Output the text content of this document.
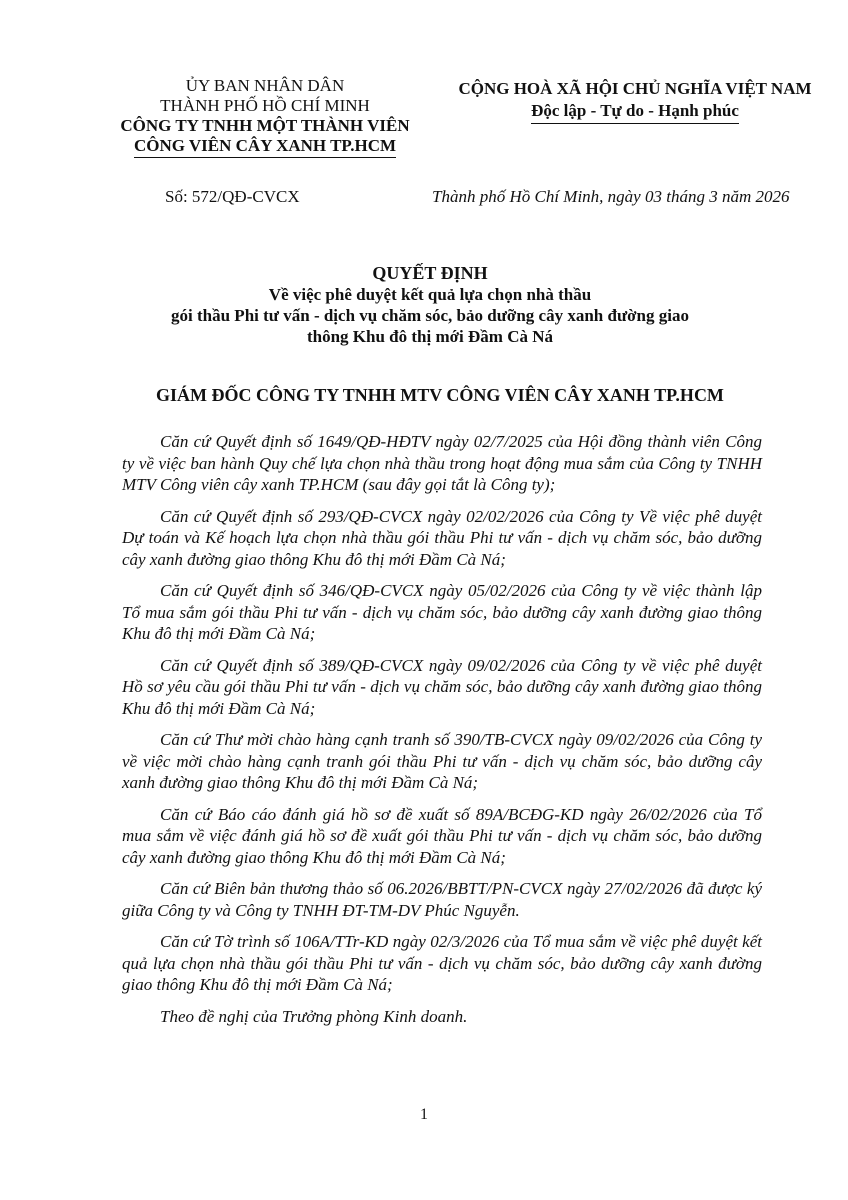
ỦY BAN NHÂN DÂN
THÀNH PHỐ HỒ CHÍ MINH
CÔNG TY TNHH MỘT THÀNH VIÊN
CÔNG VIÊN CÂY XANH TP.HCM
CỘNG HOÀ XÃ HỘI CHỦ NGHĨA VIỆT NAM
Độc lập - Tự do - Hạnh phúc
Số: 572/QĐ-CVCX	Thành phố Hồ Chí Minh, ngày 03 tháng 3 năm 2026
QUYẾT ĐỊNH
Về việc phê duyệt kết quả lựa chọn nhà thầu
gói thầu Phi tư vấn - dịch vụ chăm sóc, bảo dưỡng cây xanh đường giao
thông Khu đô thị mới Đầm Cà Ná
GIÁM ĐỐC CÔNG TY TNHH MTV CÔNG VIÊN CÂY XANH TP.HCM

Căn cứ Quyết định số 1649/QĐ-HĐTV ngày 02/7/2025 của Hội đồng thành viên Công ty về việc ban hành Quy chế lựa chọn nhà thầu trong hoạt động mua sắm của Công ty TNHH MTV Công viên cây xanh TP.HCM (sau đây gọi tắt là Công ty);

Căn cứ Quyết định số 293/QĐ-CVCX ngày 02/02/2026 của Công ty Về việc phê duyệt Dự toán và Kế hoạch lựa chọn nhà thầu gói thầu Phi tư vấn - dịch vụ chăm sóc, bảo dưỡng cây xanh đường giao thông Khu đô thị mới Đầm Cà Ná;

Căn cứ Quyết định số 346/QĐ-CVCX ngày 05/02/2026 của Công ty về việc thành lập Tổ mua sắm gói thầu Phi tư vấn - dịch vụ chăm sóc, bảo dưỡng cây xanh đường giao thông Khu đô thị mới Đầm Cà Ná;

Căn cứ Quyết định số 389/QĐ-CVCX ngày 09/02/2026 của Công ty về việc phê duyệt Hồ sơ yêu cầu gói thầu Phi tư vấn - dịch vụ chăm sóc, bảo dưỡng cây xanh đường giao thông Khu đô thị mới Đầm Cà Ná;

Căn cứ Thư mời chào hàng cạnh tranh số 390/TB-CVCX ngày 09/02/2026 của Công ty về việc mời chào hàng cạnh tranh gói thầu Phi tư vấn - dịch vụ chăm sóc, bảo dưỡng cây xanh đường giao thông Khu đô thị mới Đầm Cà Ná;

Căn cứ Báo cáo đánh giá hồ sơ đề xuất số 89A/BCĐG-KD ngày 26/02/2026 của Tổ mua sắm về việc đánh giá hồ sơ đề xuất gói thầu Phi tư vấn - dịch vụ chăm sóc, bảo dưỡng cây xanh đường giao thông Khu đô thị mới Đầm Cà Ná;

Căn cứ Biên bản thương thảo số 06.2026/BBTT/PN-CVCX ngày 27/02/2026 đã được ký giữa Công ty và Công ty TNHH ĐT-TM-DV Phúc Nguyễn.

Căn cứ Tờ trình số 106A/TTr-KD ngày 02/3/2026 của Tổ mua sắm về việc phê duyệt kết quả lựa chọn nhà thầu gói thầu Phi tư vấn - dịch vụ chăm sóc, bảo dưỡng cây xanh đường giao thông Khu đô thị mới Đầm Cà Ná;

Theo đề nghị của Trưởng phòng Kinh doanh.

1
